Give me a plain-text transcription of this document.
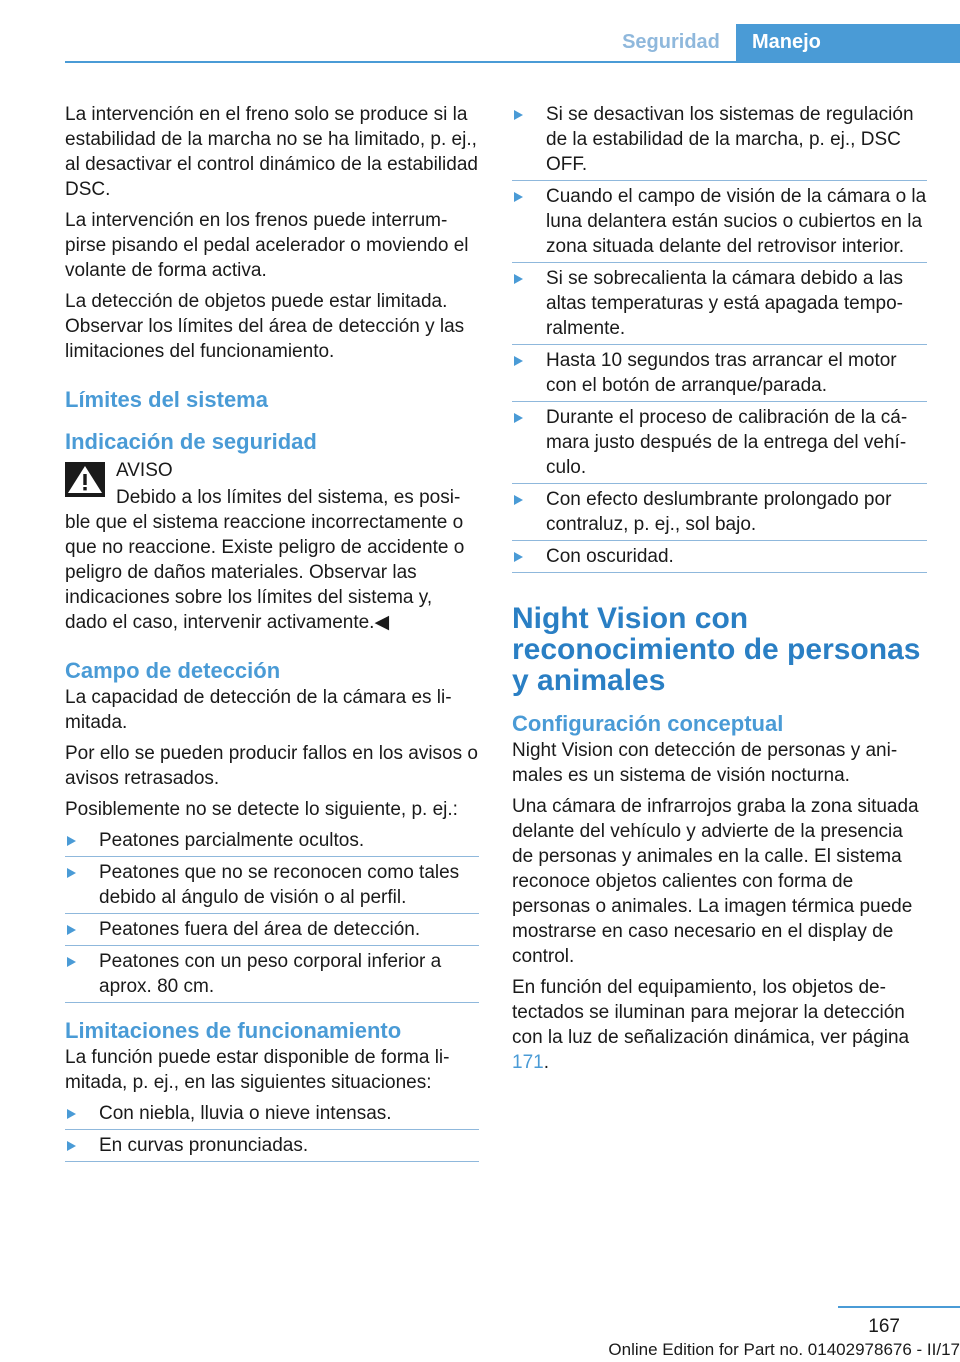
Seguridad	Manejo

La intervención en el freno solo se produce si la estabilidad de la marcha no se ha limitado, p. ej., al desactivar el control dinámico de la estabilidad DSC.

La intervención en los frenos puede interrumpirse pisando el pedal acelerador o moviendo el volante de forma activa.

La detección de objetos puede estar limitada. Observar los límites del área de detección y las limitaciones del funcionamiento.

Límites del sistema
Indicación de seguridad
AVISO

Debido a los límites del sistema, es posible que el sistema reaccione incorrectamente o que no reaccione. Existe peligro de accidente o peligro de daños materiales. Observar las indicaciones sobre los límites del sistema y, dado el caso, intervenir activamente.◀

Campo de detección

La capacidad de detección de la cámara es limitada.

Por ello se pueden producir fallos en los avisos o avisos retrasados.

Posiblemente no se detecte lo siguiente, p. ej.:

Peatones parcialmente ocultos.
Peatones que no se reconocen como tales debido al ángulo de visión o al perfil.
Peatones fuera del área de detección.
Peatones con un peso corporal inferior a aprox. 80 cm.
Limitaciones de funcionamiento

La función puede estar disponible de forma limitada, p. ej., en las siguientes situaciones:

Con niebla, lluvia o nieve intensas.
En curvas pronunciadas.
Si se desactivan los sistemas de regulación de la estabilidad de la marcha, p. ej., DSC OFF.
Cuando el campo de visión de la cámara o la luna delantera están sucios o cubiertos en la zona situada delante del retrovisor interior.
Si se sobrecalienta la cámara debido a las altas temperaturas y está apagada temporalmente.
Hasta 10 segundos tras arrancar el motor con el botón de arranque/parada.
Durante el proceso de calibración de la cámara justo después de la entrega del vehículo.
Con efecto deslumbrante prolongado por contraluz, p. ej., sol bajo.
Con oscuridad.
Night Vision con reconocimiento de personas y animales
Configuración conceptual

Night Vision con detección de personas y animales es un sistema de visión nocturna.

Una cámara de infrarrojos graba la zona situada delante del vehículo y advierte de la presencia de personas y animales en la calle. El sistema reconoce objetos calientes con forma de personas o animales. La imagen térmica puede mostrarse en caso necesario en el display de control.

En función del equipamiento, los objetos detectados se iluminan para mejorar la detección con la luz de señalización dinámica, ver página 171.

167
Online Edition for Part no. 01402978676 - II/17
